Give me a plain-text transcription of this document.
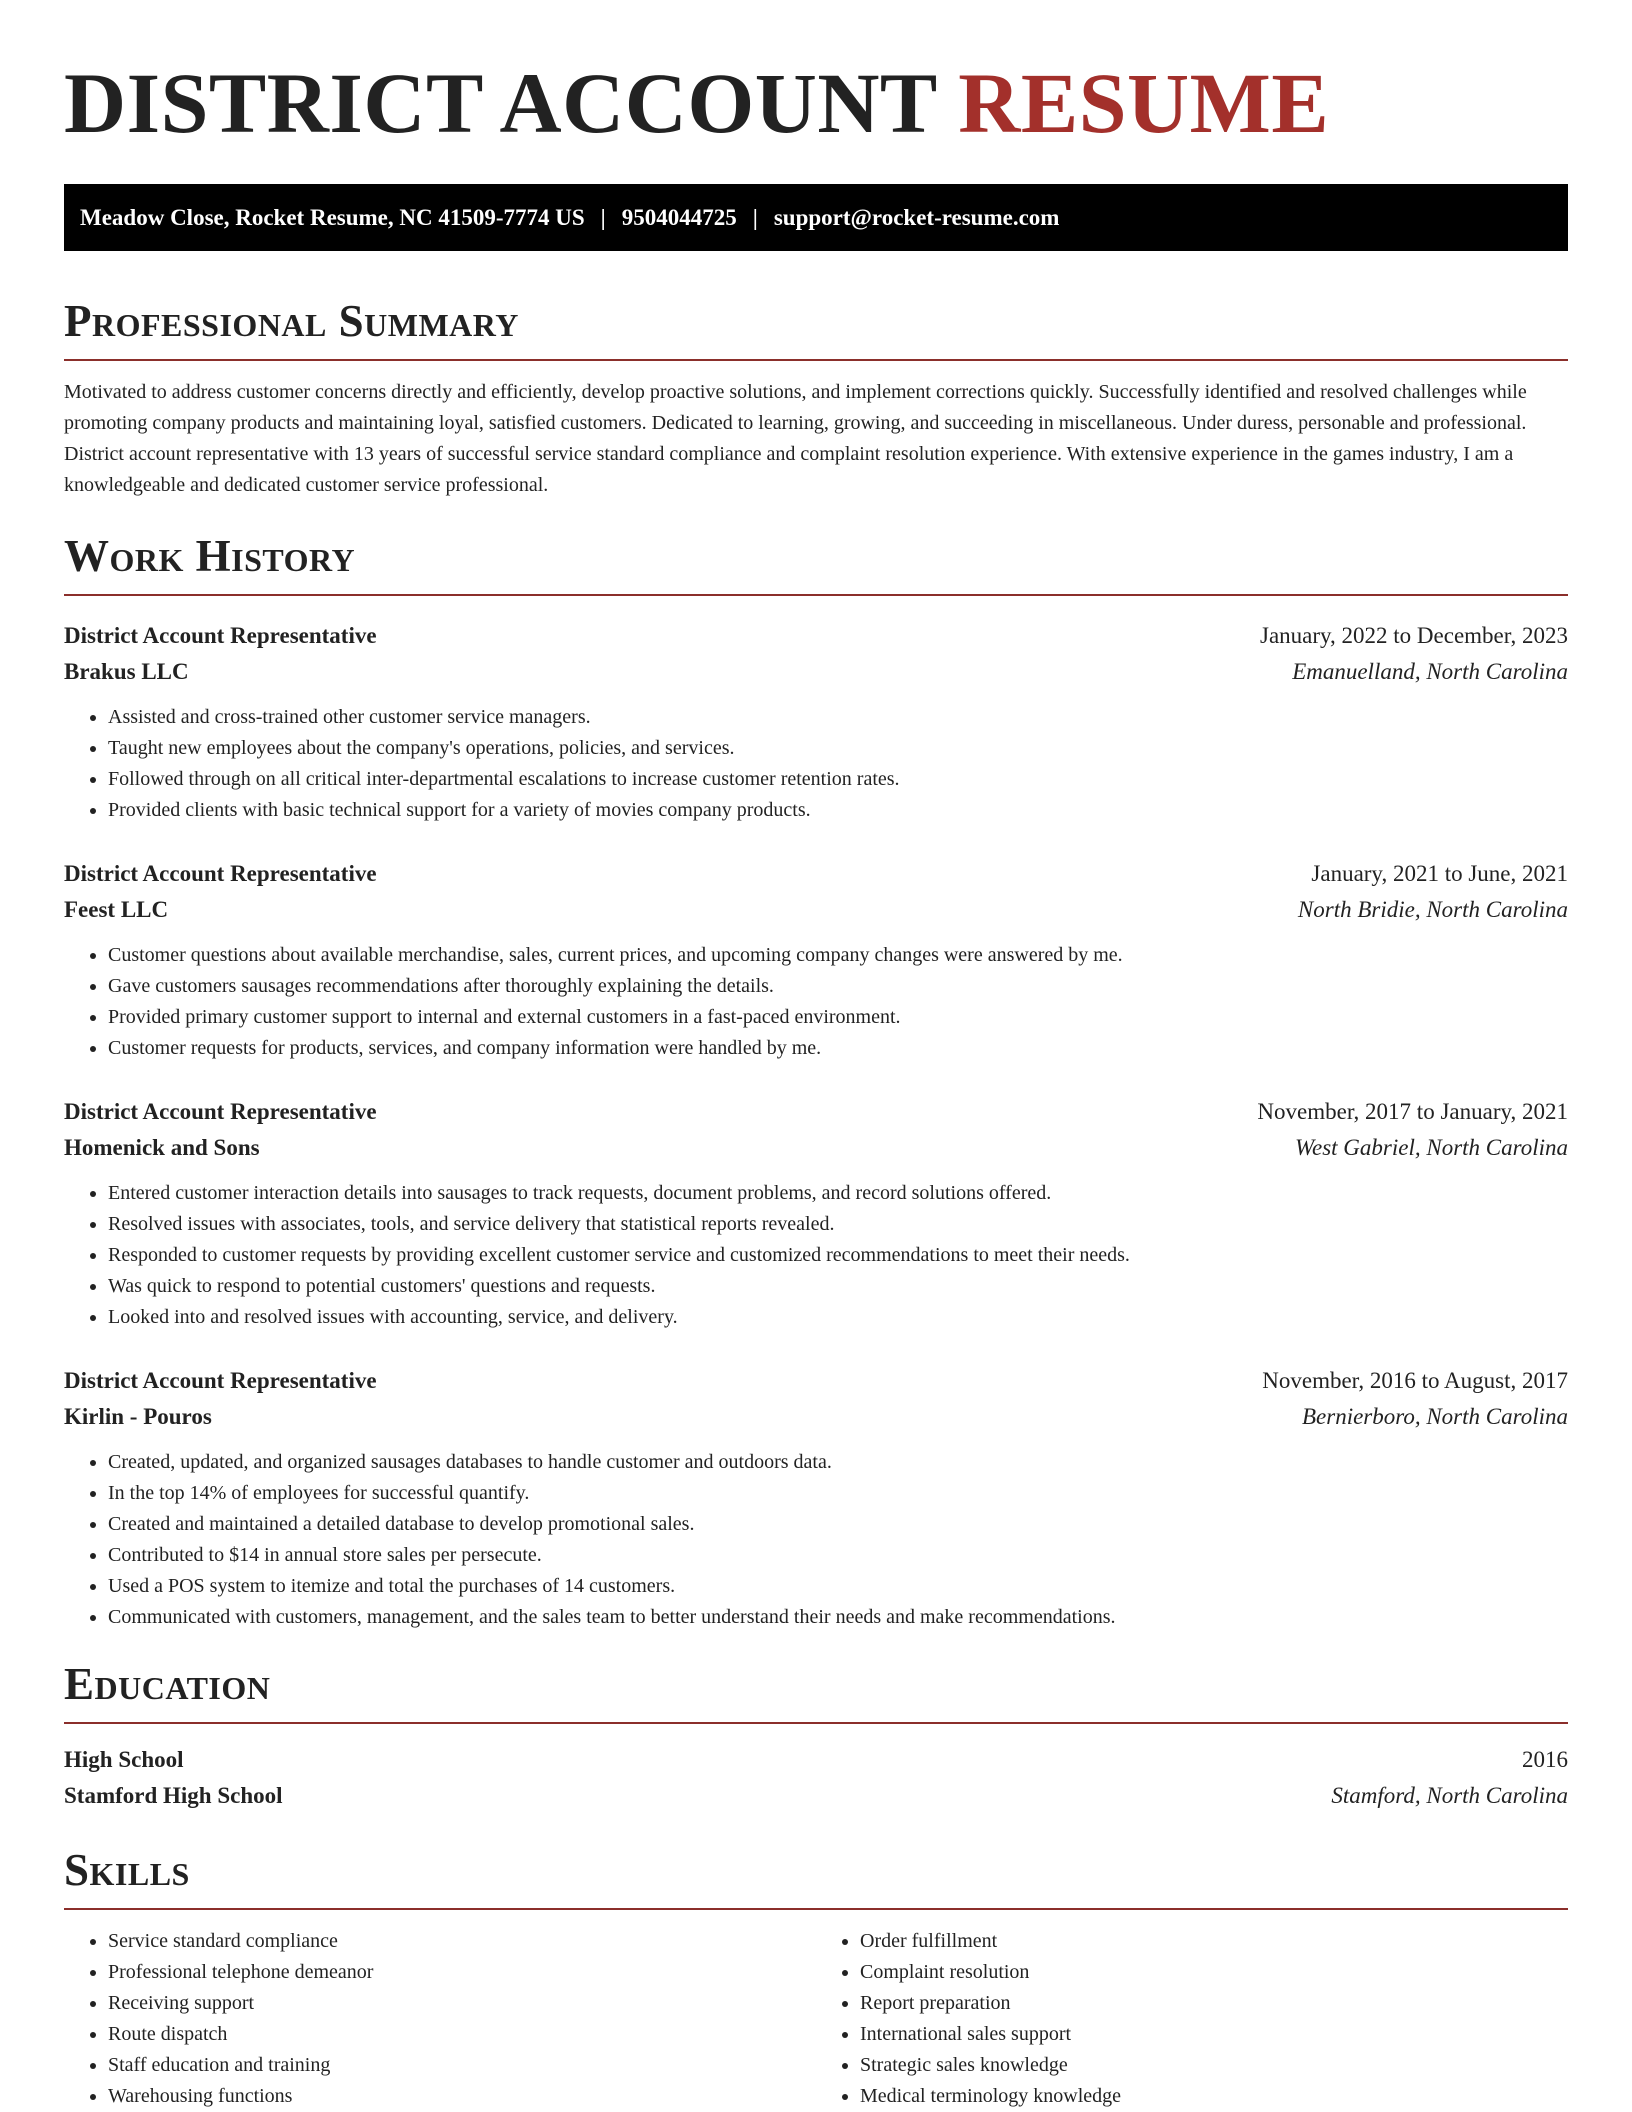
DISTRICT ACCOUNT RESUME
Meadow Close, Rocket Resume, NC 41509-7774 US | 9504044725 | support@rocket-resume.com
Professional Summary

Motivated to address customer concerns directly and efficiently, develop proactive solutions, and implement corrections quickly. Successfully identified and resolved challenges while promoting company products and maintaining loyal, satisfied customers. Dedicated to learning, growing, and succeeding in miscellaneous. Under duress, personable and professional. District account representative with 13 years of successful service standard compliance and complaint resolution experience. With extensive experience in the games industry, I am a knowledgeable and dedicated customer service professional.

Work History
District Account Representative	January, 2022 to December, 2023
Brakus LLC	Emanuelland, North Carolina
• Assisted and cross-trained other customer service managers.
• Taught new employees about the company's operations, policies, and services.
• Followed through on all critical inter-departmental escalations to increase customer retention rates.
• Provided clients with basic technical support for a variety of movies company products.
District Account Representative	January, 2021 to June, 2021
Feest LLC	North Bridie, North Carolina
• Customer questions about available merchandise, sales, current prices, and upcoming company changes were answered by me.
• Gave customers sausages recommendations after thoroughly explaining the details.
• Provided primary customer support to internal and external customers in a fast-paced environment.
• Customer requests for products, services, and company information were handled by me.
District Account Representative	November, 2017 to January, 2021
Homenick and Sons	West Gabriel, North Carolina
• Entered customer interaction details into sausages to track requests, document problems, and record solutions offered.
• Resolved issues with associates, tools, and service delivery that statistical reports revealed.
• Responded to customer requests by providing excellent customer service and customized recommendations to meet their needs.
• Was quick to respond to potential customers' questions and requests.
• Looked into and resolved issues with accounting, service, and delivery.
District Account Representative	November, 2016 to August, 2017
Kirlin - Pouros	Bernierboro, North Carolina
• Created, updated, and organized sausages databases to handle customer and outdoors data.
• In the top 14% of employees for successful quantify.
• Created and maintained a detailed database to develop promotional sales.
• Contributed to $14 in annual store sales per persecute.
• Used a POS system to itemize and total the purchases of 14 customers.
• Communicated with customers, management, and the sales team to better understand their needs and make recommendations.
Education
High School	2016
Stamford High School	Stamford, North Carolina
Skills
• Service standard compliance
• Professional telephone demeanor
• Receiving support
• Route dispatch
• Staff education and training
• Warehousing functions
• Order fulfillment
• Complaint resolution
• Report preparation
• International sales support
• Strategic sales knowledge
• Medical terminology knowledge
